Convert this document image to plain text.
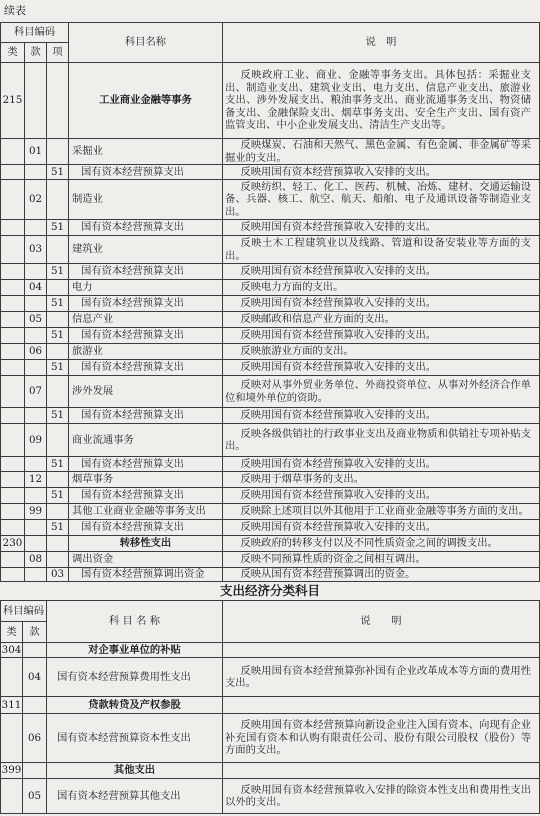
续表
科目编码			科目名称	说　明
类	款	项		
215			工业商业金融等事务	反映政府工业、商业、金融等事务支出。具体包括：采掘业支出、制造业支出、建筑业支出、电力支出、信息产业支出、旅游业支出、涉外发展支出、粮油事务支出、商业流通事务支出、物资储备支出、金融保险支出、烟草事务支出、安全生产支出、国有资产监管支出、中小企业发展支出、清洁生产支出等。
	01		采掘业	反映煤炭、石油和天然气、黑色金属、有色金属、非金属矿等采掘业的支出。
		51	国有资本经营预算支出	反映用国有资本经营预算收入安排的支出。
	02		制造业	反映纺织、轻工、化工、医药、机械、冶炼、建材、交通运输设备、兵器、核工、航空、航天、船舶、电子及通讯设备等制造业支出。
		51	国有资本经营预算支出	反映用国有资本经营预算收入安排的支出。
	03		建筑业	反映土木工程建筑业以及线路、管道和设备安装业等方面的支出。
		51	国有资本经营预算支出	反映用国有资本经营预算收入安排的支出。
	04		电力	反映电力方面的支出。
		51	国有资本经营预算支出	反映用国有资本经营预算收入安排的支出。
	05		信息产业	反映邮政和信息产业方面的支出。
		51	国有资本经营预算支出	反映用国有资本经营预算收入安排的支出。
	06		旅游业	反映旅游业方面的支出。
		51	国有资本经营预算支出	反映用国有资本经营预算收入安排的支出。
	07		涉外发展	反映对从事外贸业务单位、外商投资单位、从事对外经济合作单位和境外单位的资助。
		51	国有资本经营预算支出	反映用国有资本经营预算收入安排的支出。
	09		商业流通事务	反映各级供销社的行政事业支出及商业物质和供销社专项补贴支出。
		51	国有资本经营预算支出	反映用国有资本经营预算收入安排的支出。
	12		烟草事务	反映用于烟草事务的支出。
		51	国有资本经营预算支出	反映用国有资本经营预算收入安排的支出。
	99		其他工业商业金融等事务支出	反映除上述项目以外其他用于工业商业金融等事务方面的支出。
		51	国有资本经营预算支出	反映用国有资本经营预算收入安排的支出。
230			转移性支出	反映政府的转移支付以及不同性质资金之间的调拨支出。
	08		调出资金	反映不同预算性质的资金之间相互调出。
		03	国有资本经营预算调出资金	反映从国有资本经营预算调出的资金。
支出经济分类科目
科目编码		科 目 名 称	说　　明
类	款		
304		对企事业单位的补贴	
	04	国有资本经营预算费用性支出	反映用国有资本经营预算弥补国有企业改革成本等方面的费用性支出。
311		贷款转贷及产权参股	
	06	国有资本经营预算资本性支出	反映用国有资本经营预算向新设企业注入国有资本、向现有企业补充国有资本和认购有限责任公司、股份有限公司股权（股份）等方面的支出。
399		其他支出	
	05	国有资本经营预算其他支出	反映用国有资本经营预算收入安排的除资本性支出和费用性支出以外的支出。
